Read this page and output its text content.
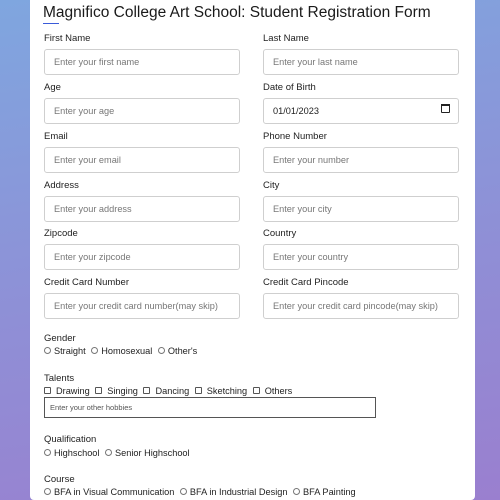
Magnifico College Art School: Student Registration Form
First Name
Enter your first name
Last Name
Enter your last name
Age
Enter your age
Date of Birth
01/01/2023
Email
Enter your email
Phone Number
Enter your number
Address
Enter your address
City
Enter your city
Zipcode
Enter your zipcode
Country
Enter your country
Credit Card Number
Enter your credit card number(may skip)
Credit Card Pincode
Enter your credit card pincode(may skip)
Gender
Straight Homosexual Other's
Talents
Drawing Singing Dancing Sketching Others
Enter your other hobbies
Qualification
Highschool Senior Highschool
Course
BFA in Visual Communication BFA in Industrial Design BFA Painting
